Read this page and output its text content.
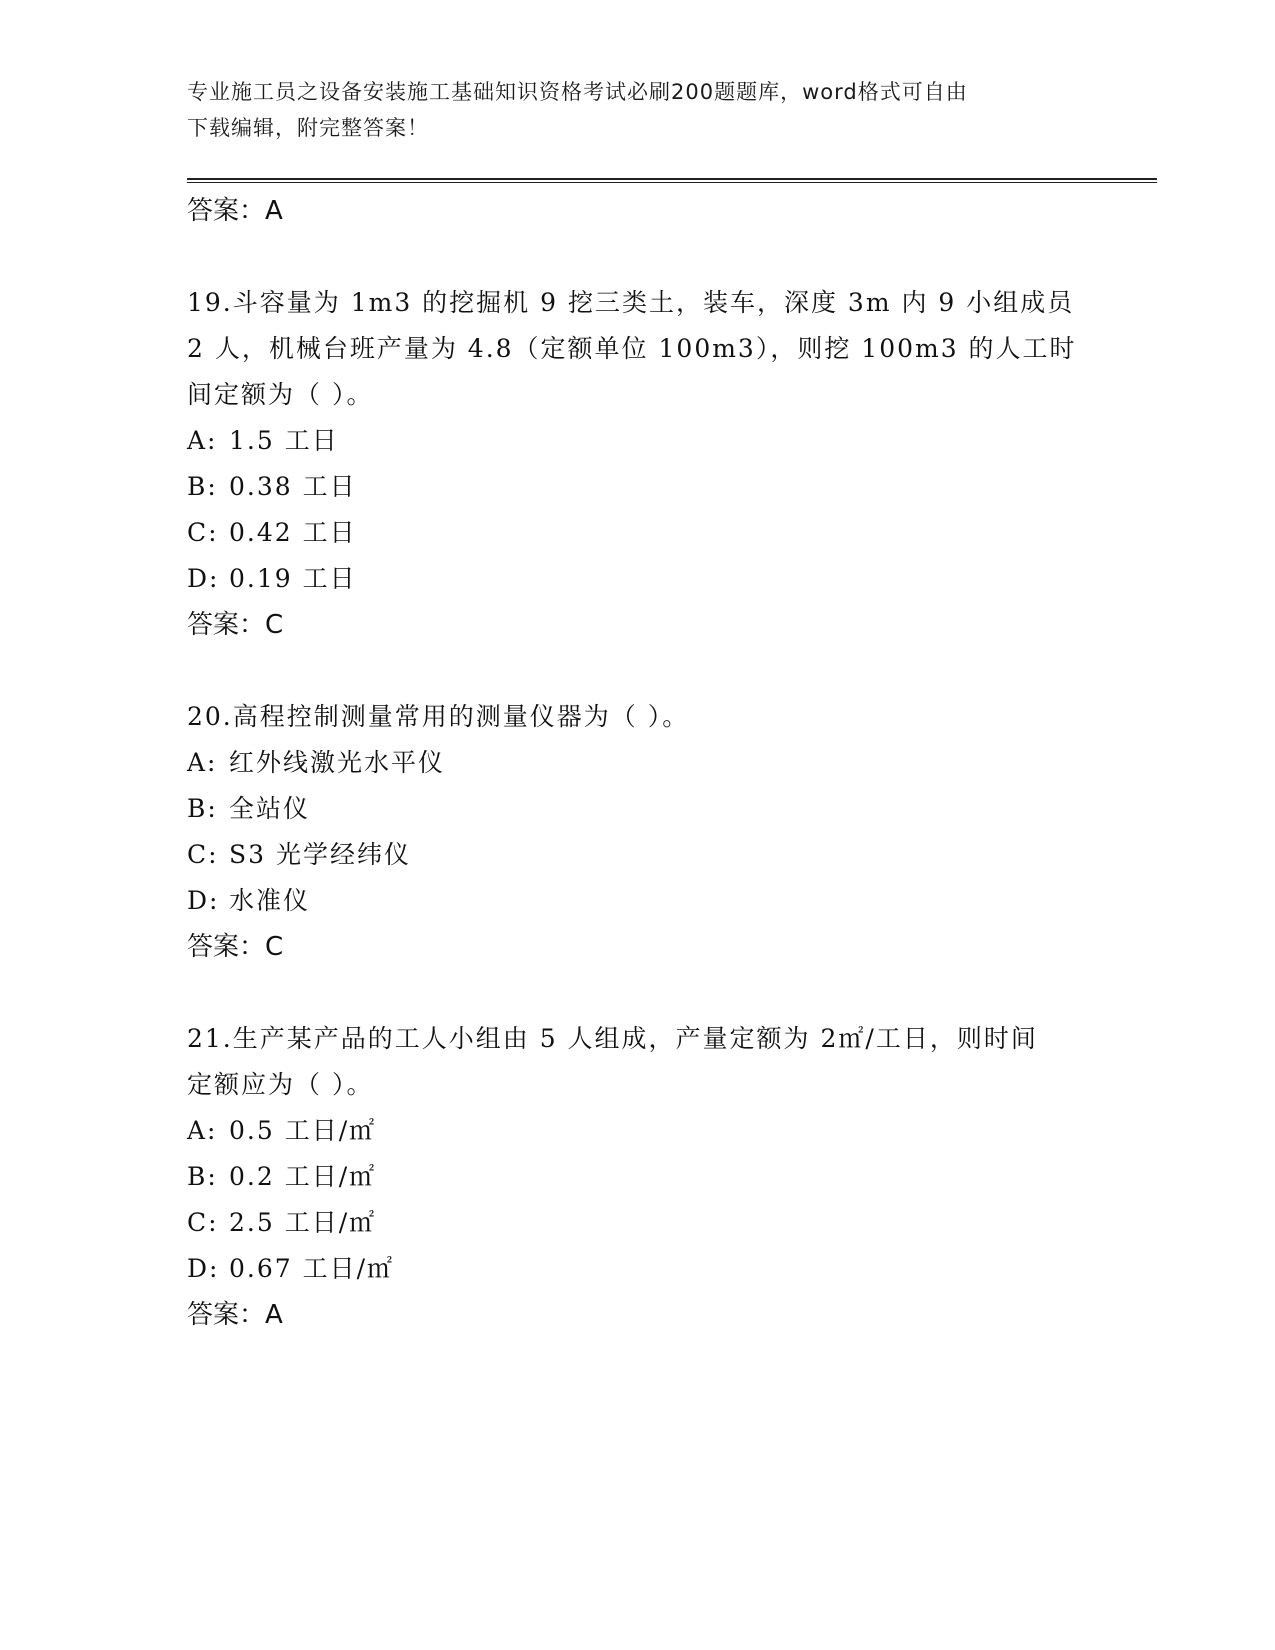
专业施工员之设备安装施工基础知识资格考试必刷200题题库，word格式可自由
下载编辑，附完整答案！
答案：A
19.斗容量为 1m3 的挖掘机 9 挖三类土，装车，深度 3m 内 9 小组成员
2 人，机械台班产量为 4.8（定额单位 100m3），则挖 100m3 的人工时
间定额为（ ）。
A: 1.5 工日
B: 0.38 工日
C: 0.42 工日
D: 0.19 工日
答案：C
20.高程控制测量常用的测量仪器为（ ）。
A: 红外线激光水平仪
B: 全站仪
C: S3 光学经纬仪
D: 水准仪
答案：C
21.生产某产品的工人小组由 5 人组成，产量定额为 2㎡/工日，则时间
定额应为（ ）。
A: 0.5 工日/㎡
B: 0.2 工日/㎡
C: 2.5 工日/㎡
D: 0.67 工日/㎡
答案：A
